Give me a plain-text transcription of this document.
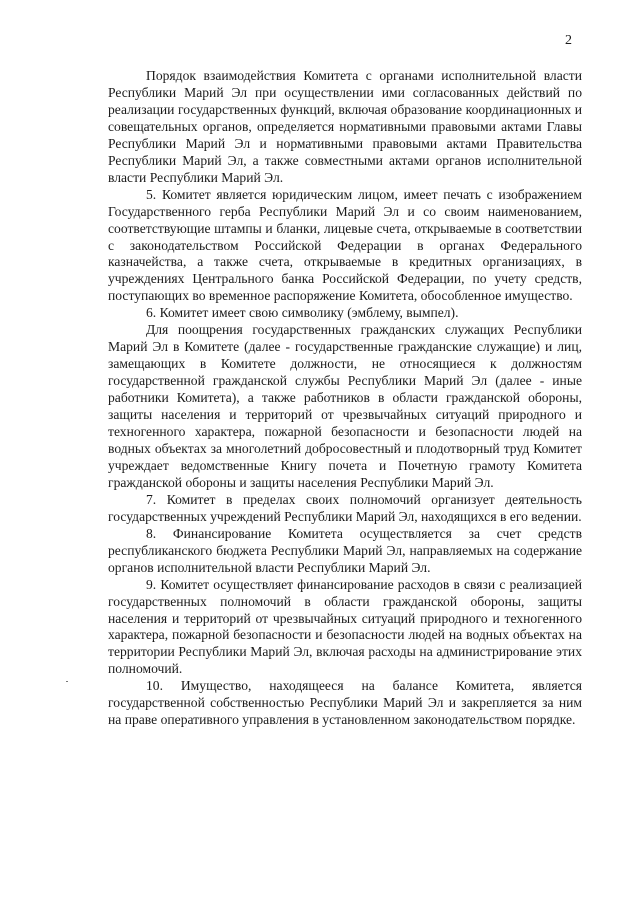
2

Порядок взаимодействия Комитета с органами исполнительной власти Республики Марий Эл при осуществлении ими согласованных действий по реализации государственных функций, включая образование координационных и совещательных органов, определяется нормативными правовыми актами Главы Республики Марий Эл и нормативными правовыми актами Правительства Республики Марий Эл, а также совместными актами органов исполнительной власти Республики Марий Эл.

5. Комитет является юридическим лицом, имеет печать с изображением Государственного герба Республики Марий Эл и со своим наименованием, соответствующие штампы и бланки, лицевые счета, открываемые в соответствии с законодательством Российской Федерации в органах Федерального казначейства, а также счета, открываемые в кредитных организациях, в учреждениях Центрального банка Российской Федерации, по учету средств, поступающих во временное распоряжение Комитета, обособленное имущество.

6. Комитет имеет свою символику (эмблему, вымпел).

Для поощрения государственных гражданских служащих Республики Марий Эл в Комитете (далее - государственные гражданские служащие) и лиц, замещающих в Комитете должности, не относящиеся к должностям государственной гражданской службы Республики Марий Эл (далее - иные работники Комитета), а также работников в области гражданской обороны, защиты населения и территорий от чрезвычайных ситуаций природного и техногенного характера, пожарной безопасности и безопасности людей на водных объектах за многолетний добросовестный и плодотворный труд Комитет учреждает ведомственные Книгу почета и Почетную грамоту Комитета гражданской обороны и защиты населения Республики Марий Эл.

7. Комитет в пределах своих полномочий организует деятельность государственных учреждений Республики Марий Эл, находящихся в его ведении.

8. Финансирование Комитета осуществляется за счет средств республиканского бюджета Республики Марий Эл, направляемых на содержание органов исполнительной власти Республики Марий Эл.

9. Комитет осуществляет финансирование расходов в связи с реализацией государственных полномочий в области гражданской обороны, защиты населения и территорий от чрезвычайных ситуаций природного и техногенного характера, пожарной безопасности и безопасности людей на водных объектах на территории Республики Марий Эл, включая расходы на администрирование этих полномочий.

10. Имущество, находящееся на балансе Комитета, является государственной собственностью Республики Марий Эл и закрепляется за ним на праве оперативного управления в установленном законодательством порядке.
